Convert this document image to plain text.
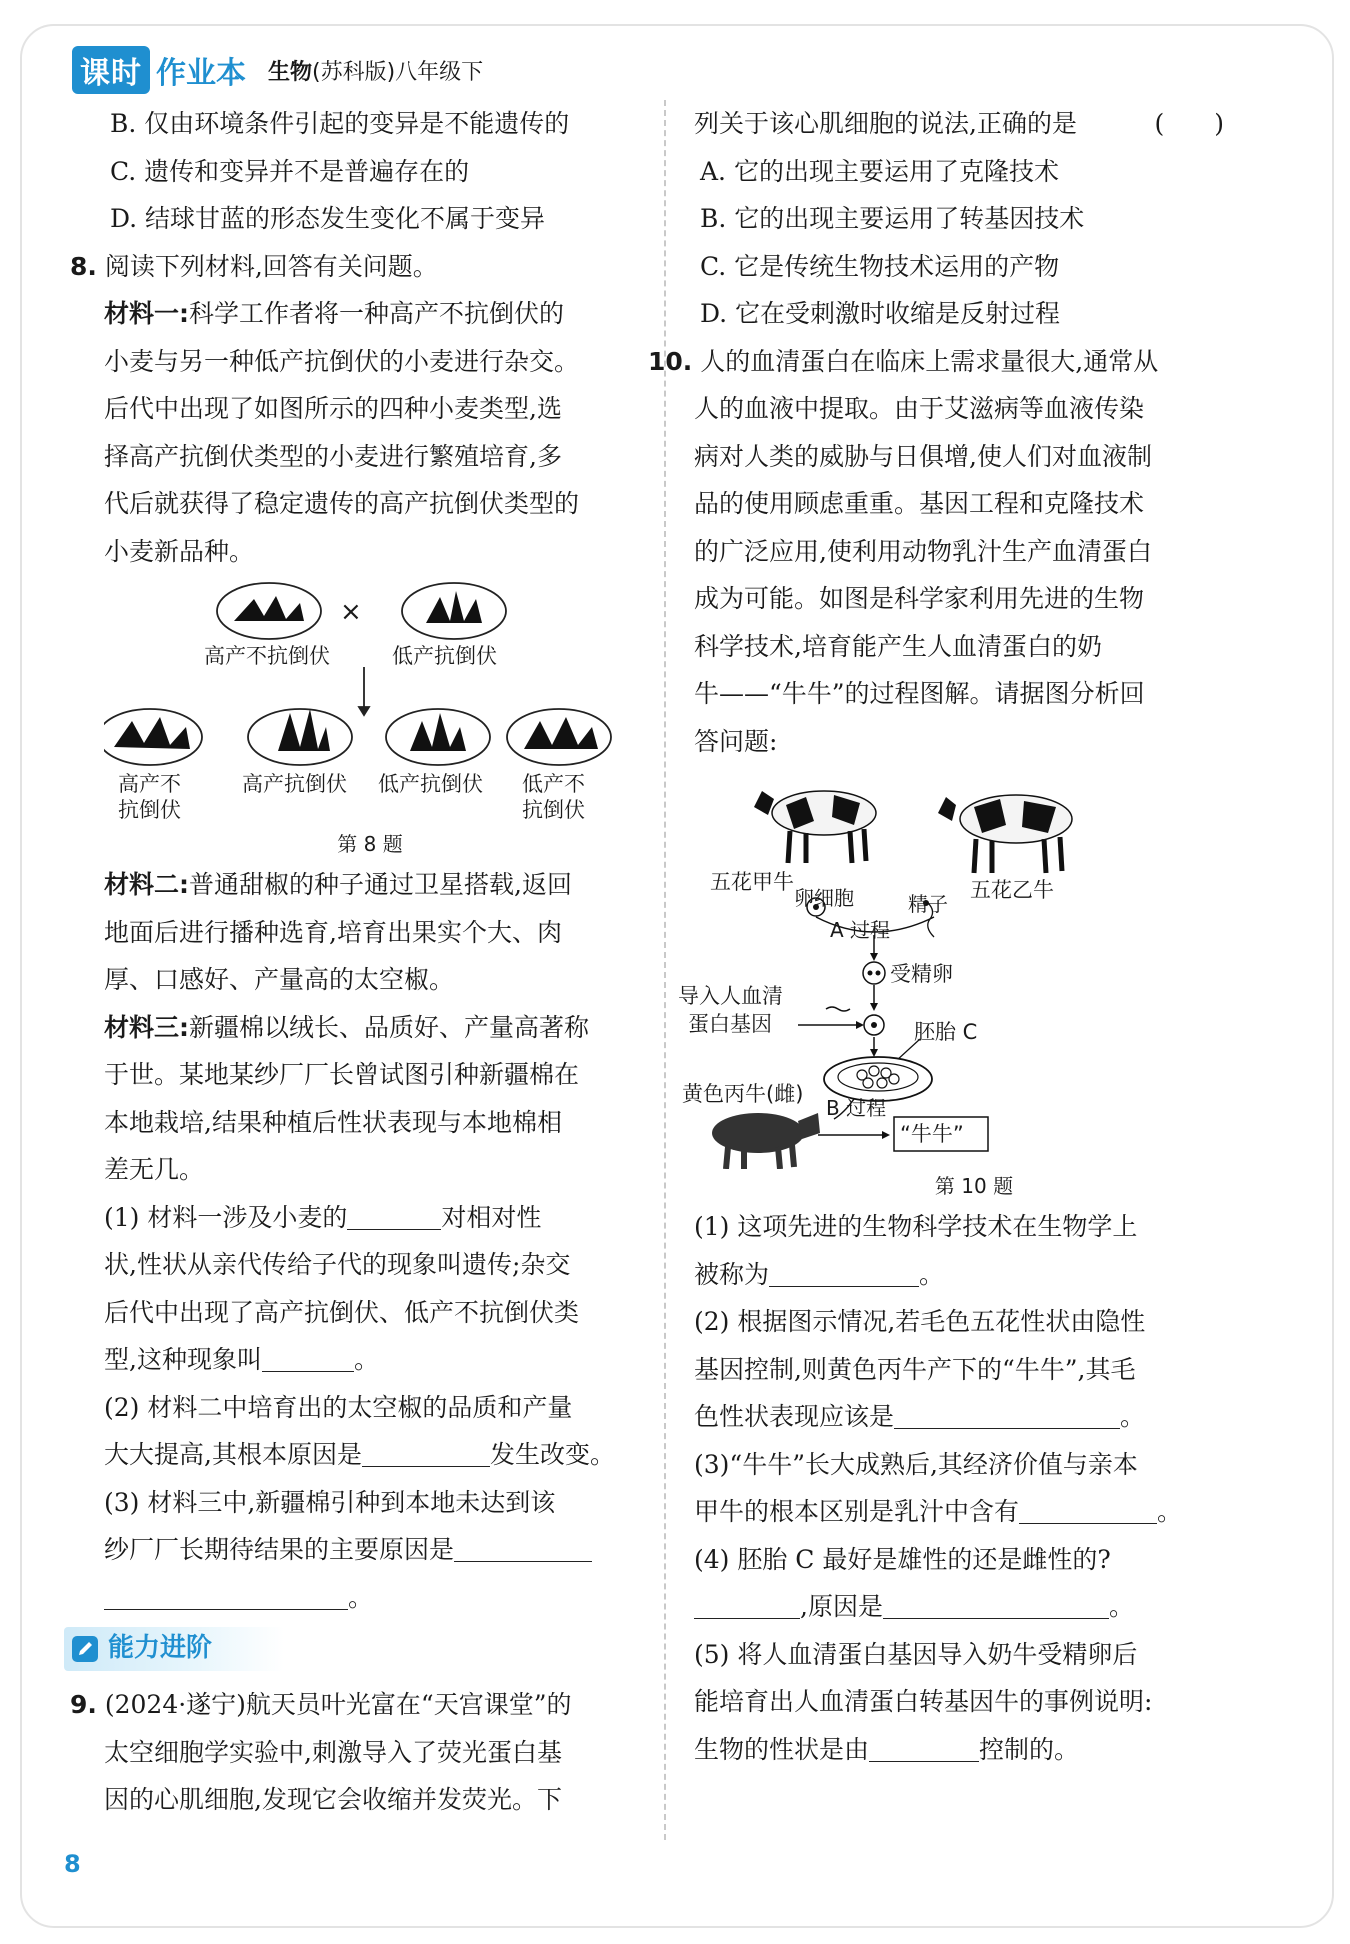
课时 作业本 生物 (苏科版)八年级下
B. 仅由环境条件引起的变异是不能遗传的
C. 遗传和变异并不是普遍存在的
D. 结球甘蓝的形态发生变化不属于变异
8. 阅读下列材料,回答有关问题。
材料一:科学工作者将一种高产不抗倒伏的
小麦与另一种低产抗倒伏的小麦进行杂交。
后代中出现了如图所示的四种小麦类型,选
择高产抗倒伏类型的小麦进行繁殖培育,多
代后就获得了稳定遗传的高产抗倒伏类型的
小麦新品种。
×
高产不抗倒伏	低产抗倒伏
高产不
抗倒伏
高产抗倒伏 低产抗倒伏 低产不
抗倒伏
第 8 题
材料二:普通甜椒的种子通过卫星搭载,返回
地面后进行播种选育,培育出果实个大、肉
厚、口感好、产量高的太空椒。
材料三:新疆棉以绒长、品质好、产量高著称
于世。某地某纱厂厂长曾试图引种新疆棉在
本地栽培,结果种植后性状表现与本地棉相
差无几。
(1) 材料一涉及小麦的	对相对性
状,性状从亲代传给子代的现象叫遗传;杂交
后代中出现了高产抗倒伏、低产不抗倒伏类
型,这种现象叫	。
(2) 材料二中培育出的太空椒的品质和产量
大大提高,其根本原因是	发生改变。
(3) 材料三中,新疆棉引种到本地未达到该
纱厂厂长期待结果的主要原因是
。
能力进阶
9. (2024·遂宁)航天员叶光富在“天宫课堂”的
太空细胞学实验中,刺激导入了荧光蛋白基
因的心肌细胞,发现它会收缩并发荧光。下
列关于该心肌细胞的说法,正确的是	(　　)
A. 它的出现主要运用了克隆技术
B. 它的出现主要运用了转基因技术
C. 它是传统生物技术运用的产物
D. 它在受刺激时收缩是反射过程
10. 人的血清蛋白在临床上需求量很大,通常从
人的血液中提取。由于艾滋病等血液传染
病对人类的威胁与日俱增,使人们对血液制
品的使用顾虑重重。基因工程和克隆技术
的广泛应用,使利用动物乳汁生产血清蛋白
成为可能。如图是科学家利用先进的生物
科学技术,培育能产生人血清蛋白的奶
牛——“牛牛”的过程图解。请据图分析回
答问题:
五花甲牛	五花乙牛
卵细胞	精子
A 过程
受精卵
导入人血清
蛋白基因	胚胎 C
黄色丙牛(雌)
B 过程
“牛牛”
第 10 题
(1) 这项先进的生物科学技术在生物学上
被称为	。
(2) 根据图示情况,若毛色五花性状由隐性
基因控制,则黄色丙牛产下的“牛牛”,其毛
色性状表现应该是	。
(3)“牛牛”长大成熟后,其经济价值与亲本
甲牛的根本区别是乳汁中含有	。
(4) 胚胎 C 最好是雄性的还是雌性的?
,原因是	。
(5) 将人血清蛋白基因导入奶牛受精卵后
能培育出人血清蛋白转基因牛的事例说明:
生物的性状是由	控制的。
8
